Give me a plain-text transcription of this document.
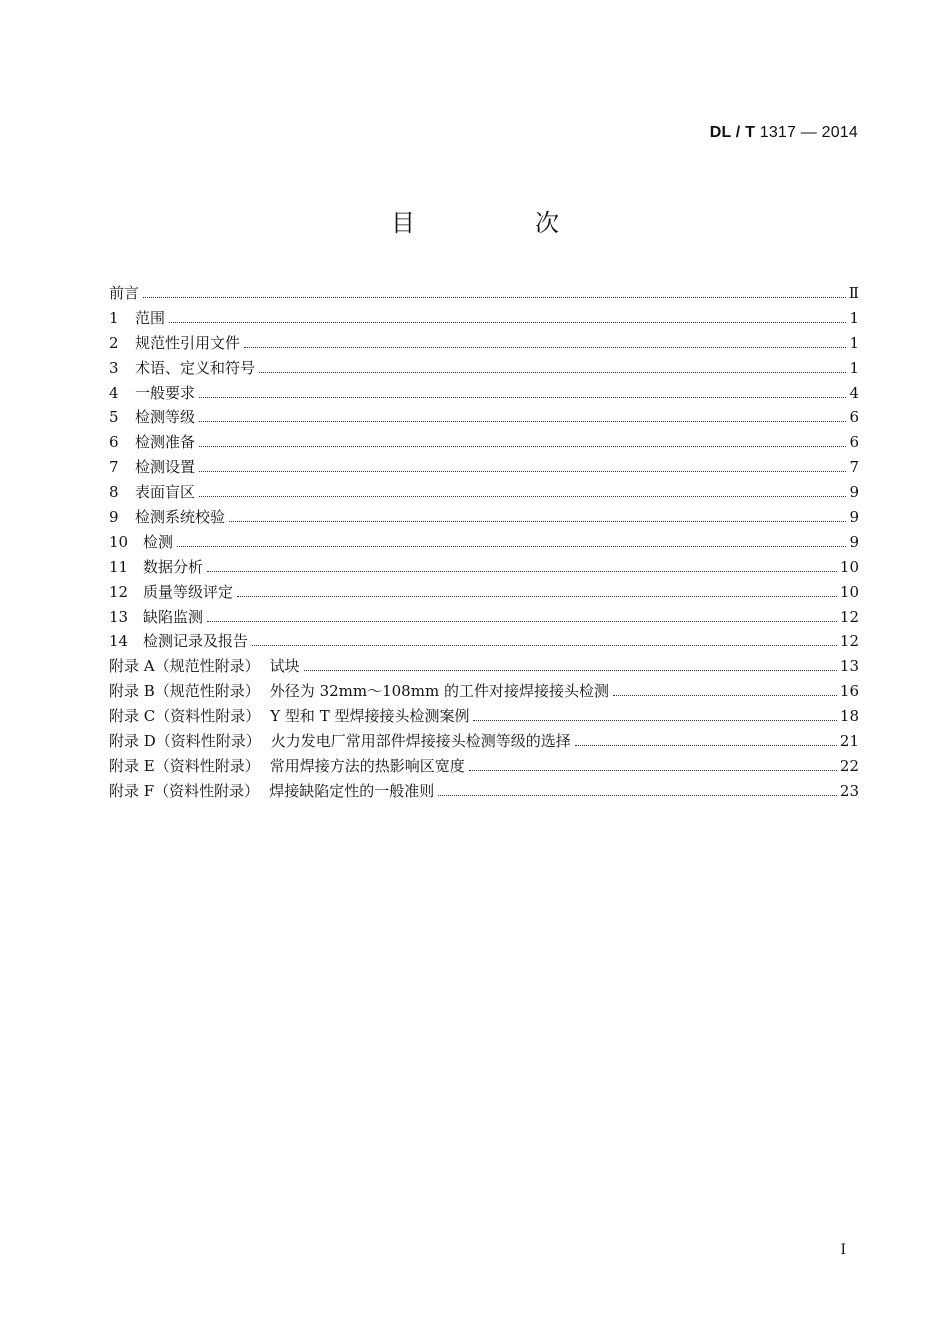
DL / T 1317 — 2014
目　次
前言	Ⅱ
1	范围	1
2	规范性引用文件	1
3	术语、定义和符号	1
4	一般要求	4
5	检测等级	6
6	检测准备	6
7	检测设置	7
8	表面盲区	9
9	检测系统校验	9
10 检测	9
11 数据分析	10
12 质量等级评定	10
13 缺陷监测	12
14 检测记录及报告	12
附录 A（规范性附录） 试块	13
附录 B（规范性附录） 外径为 32mm～108mm 的工件对接焊接接头检测	16
附录 C（资料性附录） Y 型和 T 型焊接接头检测案例	18
附录 D（资料性附录） 火力发电厂常用部件焊接接头检测等级的选择	21
附录 E（资料性附录） 常用焊接方法的热影响区宽度	22
附录 F（资料性附录） 焊接缺陷定性的一般准则	23
I
